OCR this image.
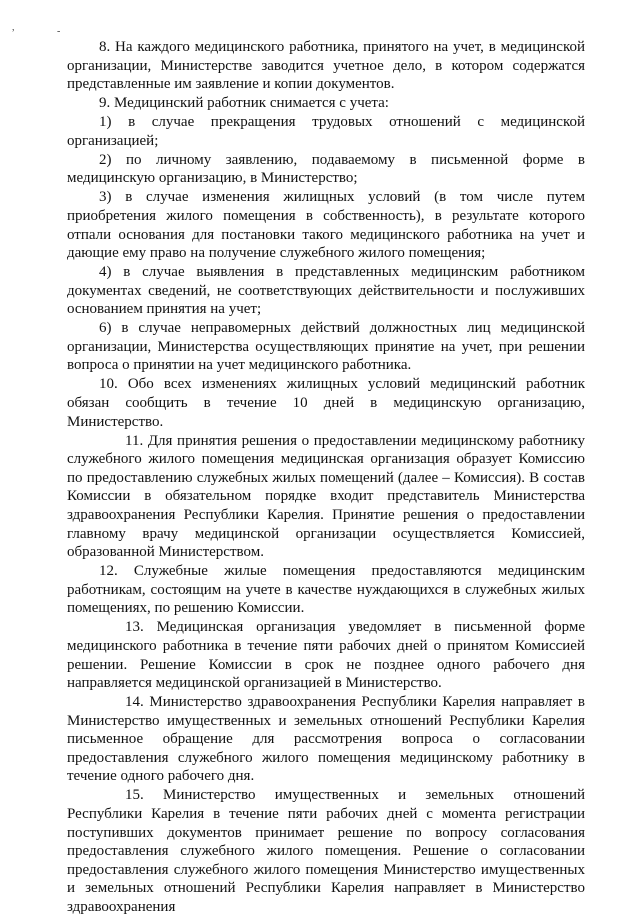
,	-

8. На каждого медицинского работника, принятого на учет, в медицинской организации, Министерстве заводится учетное дело, в котором содержатся представленные им заявление и копии документов.

9. Медицинский работник снимается с учета:

1) в случае прекращения трудовых отношений с медицинской организацией;

2) по личному заявлению, подаваемому в письменной форме в медицинскую организацию, в Министерство;

3) в случае изменения жилищных условий (в том числе путем приобретения жилого помещения в собственность), в результате которого отпали основания для постановки такого медицинского работника на учет и дающие ему право на получение служебного жилого помещения;

4) в случае выявления в представленных медицинским работником документах сведений, не соответствующих действительности и послуживших основанием принятия на учет;

6) в случае неправомерных действий должностных лиц медицинской организации, Министерства осуществляющих принятие на учет, при решении вопроса о принятии на учет медицинского работника.

10. Обо всех изменениях жилищных условий медицинский работник обязан сообщить в течение 10 дней в медицинскую организацию, Министерство.

11. Для принятия решения о предоставлении медицинскому работнику служебного жилого помещения медицинская организация образует Комиссию по предоставлению служебных жилых помещений (далее – Комиссия). В состав Комиссии в обязательном порядке входит представитель Министерства здравоохранения Республики Карелия. Принятие решения о предоставлении главному врачу медицинской организации осуществляется Комиссией, образованной Министерством.

12. Служебные жилые помещения предоставляются медицинским работникам, состоящим на учете в качестве нуждающихся в служебных жилых помещениях, по решению Комиссии.

13. Медицинская организация уведомляет в письменной форме медицинского работника в течение пяти рабочих дней о принятом Комиссией решении. Решение Комиссии в срок не позднее одного рабочего дня направляется медицинской организацией в Министерство.

14. Министерство здравоохранения Республики Карелия направляет в Министерство имущественных и земельных отношений Республики Карелия письменное обращение для рассмотрения вопроса о согласовании предоставления служебного жилого помещения медицинскому работнику в течение одного рабочего дня.

15. Министерство имущественных и земельных отношений Республики Карелия в течение пяти рабочих дней с момента регистрации поступивших документов принимает решение по вопросу согласования предоставления служебного жилого помещения. Решение о согласовании предоставления служебного жилого помещения Министерство имущественных и земельных отношений Республики Карелия направляет в Министерство здравоохранения
